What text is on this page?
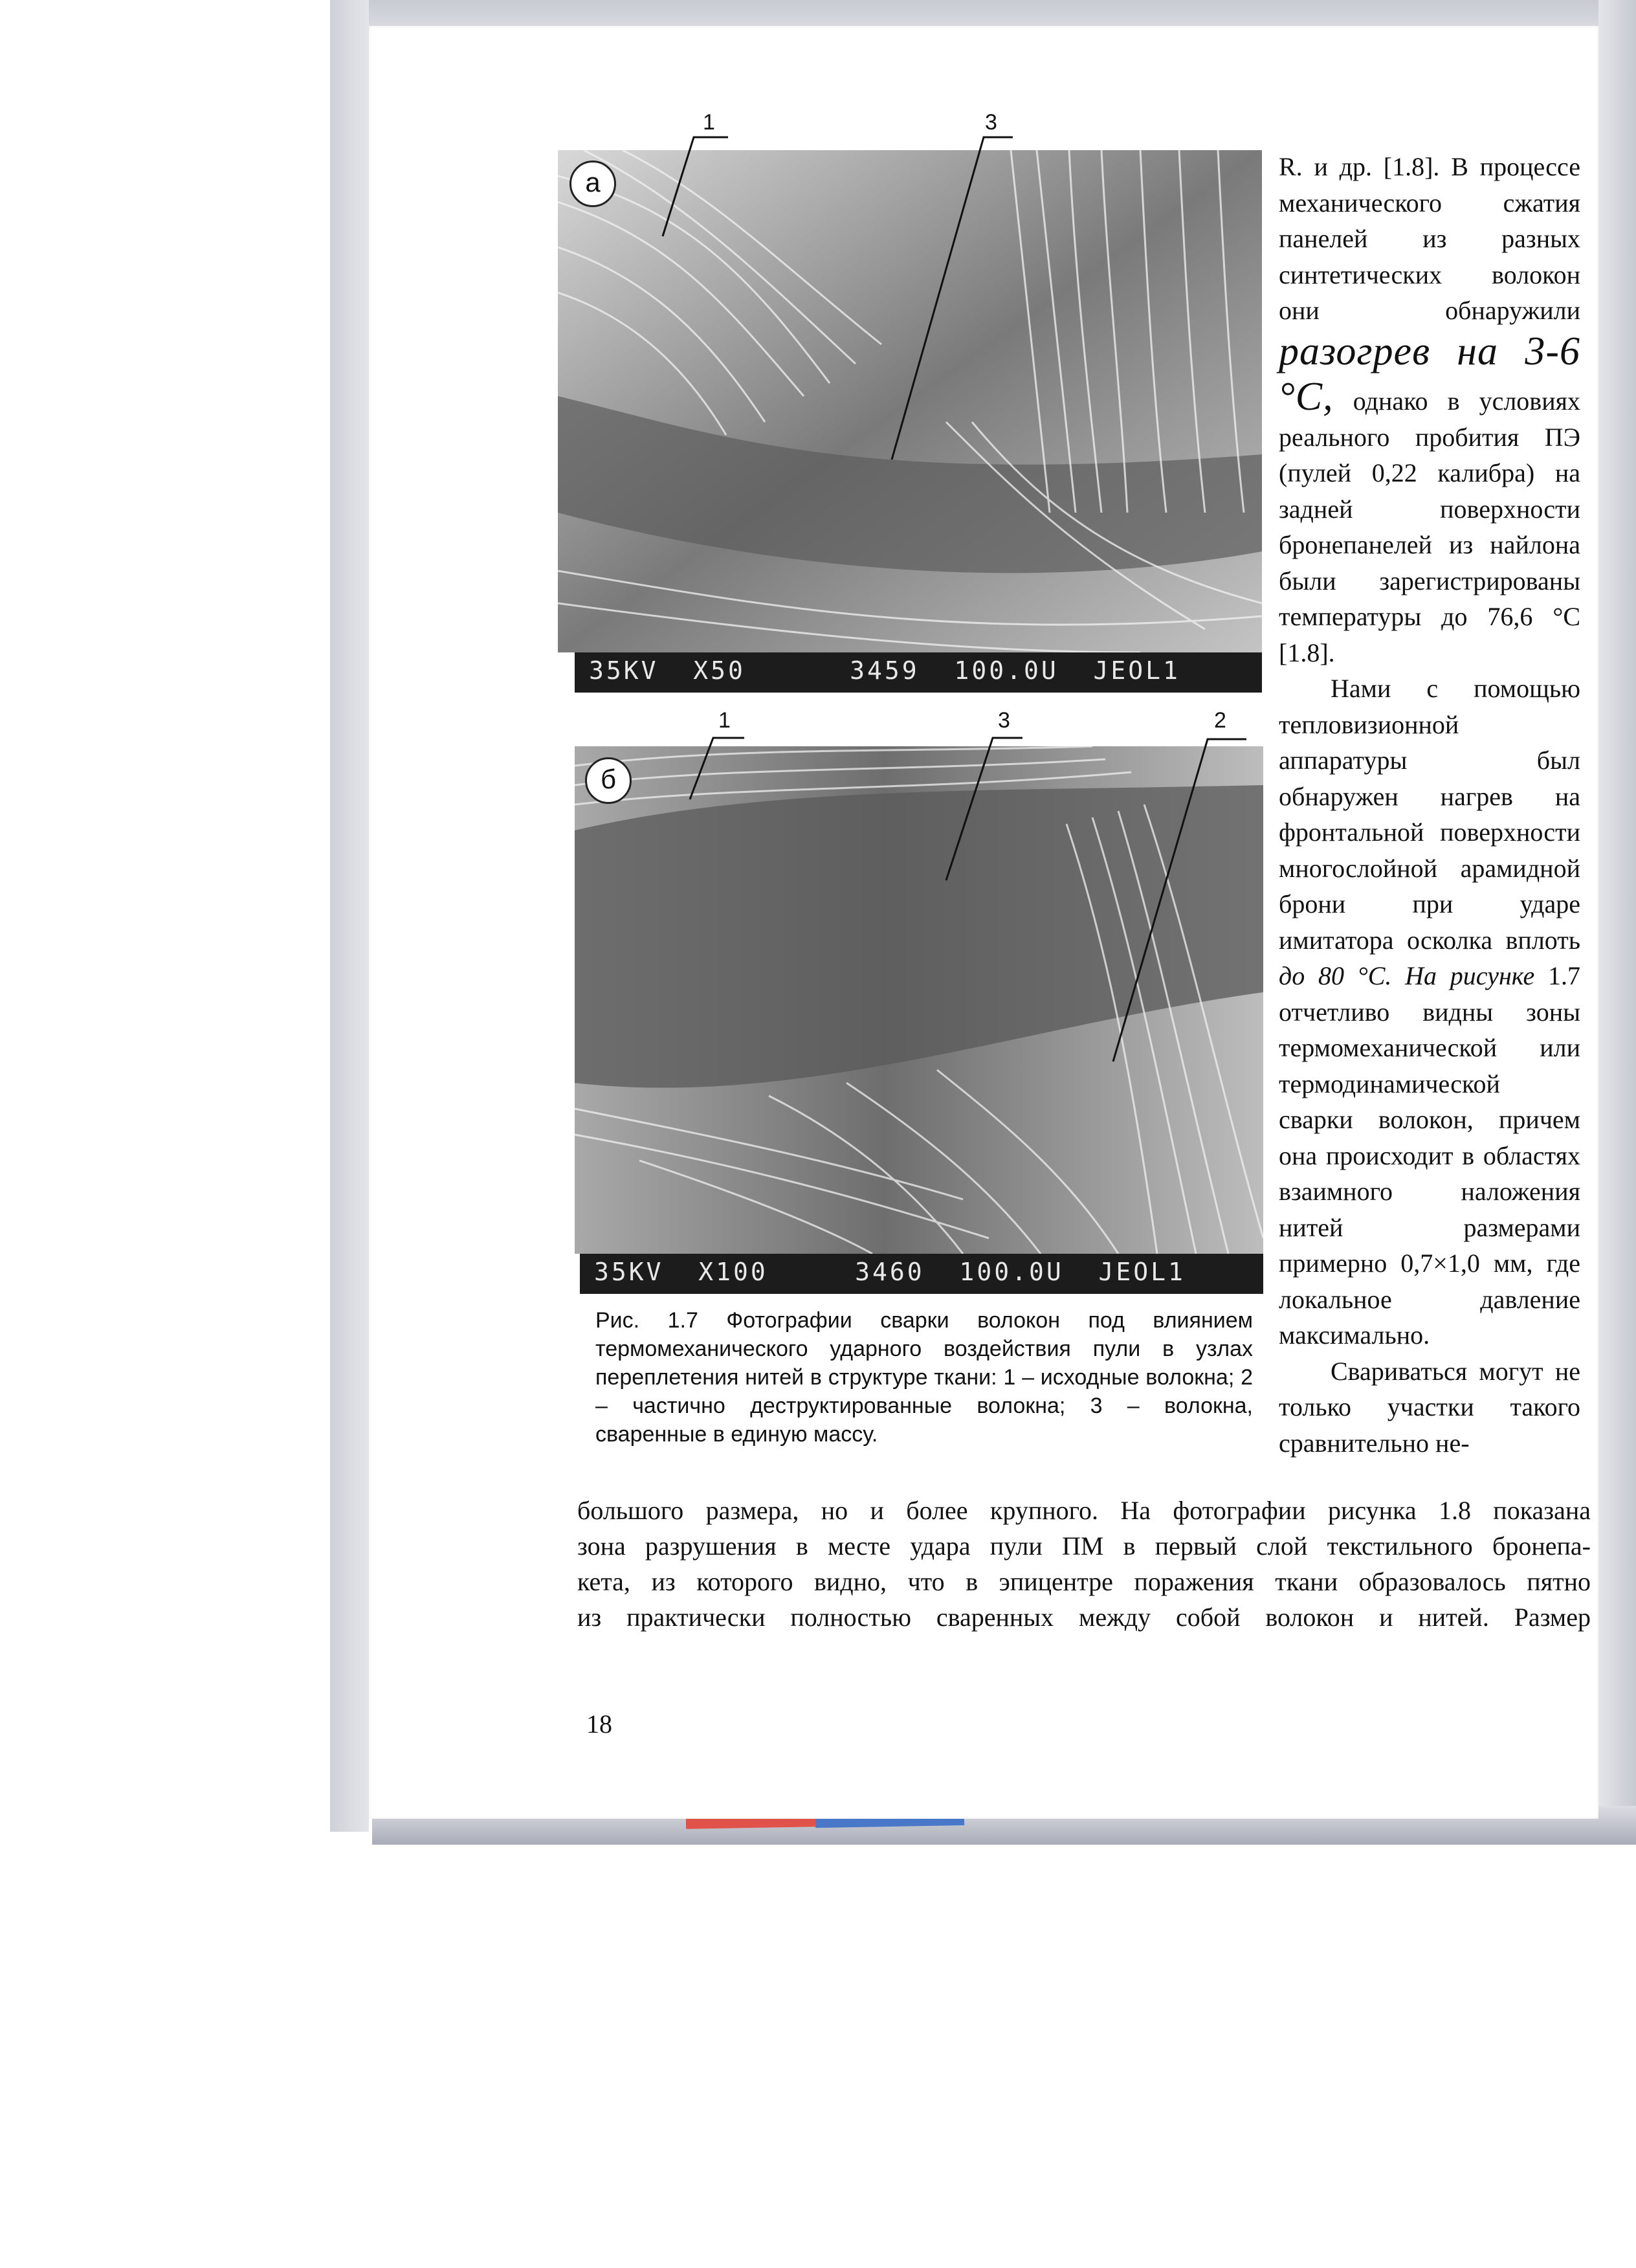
35KV  X50      3459  100.0U  JEOL1
а
1	3
35KV  X100     3460  100.0U  JEOL1
б
1	3	2
Рис. 1.7 Фотографии сварки волокон под влиянием термомеханического ударного воздействия пули в узлах переплетения нитей в структуре ткани: 1 – исходные волокна; 2 – частично деструктированные волокна; 3 – волокна, сваренные в единую массу.

R. и др. [1.8]. В процессе механического сжатия панелей из разных синтетических волокон они обнаружили разогрев на 3-6 °С, однако в условиях реального пробития ПЭ (пулей 0,22 калибра) на задней поверхности бронепанелей из найлона были зарегистрированы температуры до 76,6 °С [1.8].

Нами с помощью тепловизионной аппаратуры был обнаружен нагрев на фронтальной поверхности многослойной арамидной брони при ударе имитатора осколка вплоть до 80 °С. На рисунке 1.7 отчетливо видны зоны термомеханической или термодинамической сварки волокон, причем она происходит в областях взаимного наложения нитей размерами примерно 0,7×1,0 мм, где локальное давление максимально.

Свариваться могут не только участки такого сравнительно не-

большого размера, но и более крупного. На фотографии рисунка 1.8 показана
зона разрушения в месте удара пули ПМ в первый слой текстильного бронепа-
кета, из которого видно, что в эпицентре поражения ткани образовалось пятно
из практически полностью сваренных между собой волокон и нитей. Размер
18
